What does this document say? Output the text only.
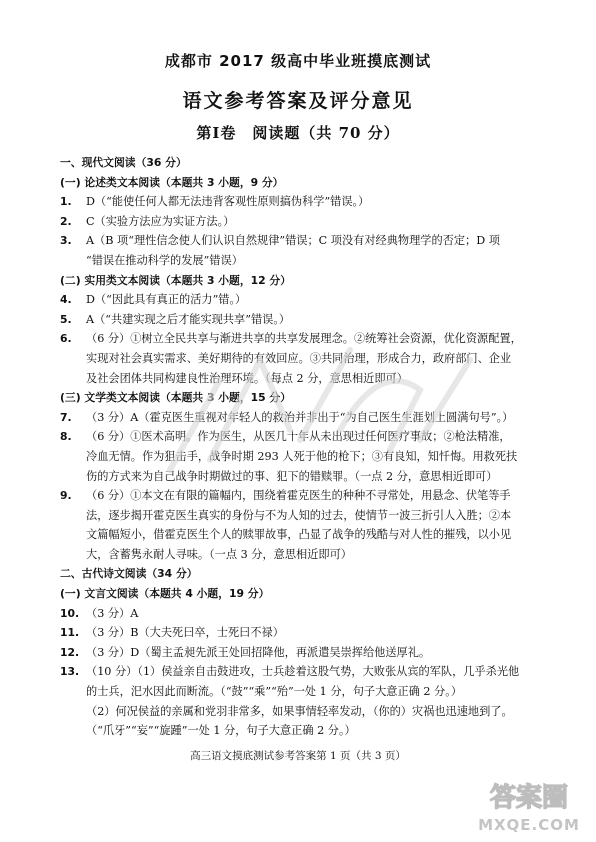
成都市 2017 级高中毕业班摸底测试
语文参考答案及评分意见
第Ⅰ卷　阅读题（共 70 分）
一、现代文阅读（36 分）
(一) 论述类文本阅读（本题共 3 小题，9 分）
1. D（“能使任何人都无法违背客观性原则搞伪科学”错误。）
2. C（实验方法应为实证方法。）
3. A（B 项“理性信念使人们认识自然规律”错误；C 项没有对经典物理学的否定；D 项
“错误在推动科学的发展”错误）
(二) 实用类文本阅读（本题共 3 小题，12 分）
4. D（“因此具有真正的活力”错。）
5. A（“共建实现之后才能实现共享”错误。）
6. （6 分）①树立全民共享与渐进共享的共享发展理念。②统筹社会资源，优化资源配置，
实现对社会真实需求、美好期待的有效回应。③共同治理，形成合力，政府部门、企业
及社会团体共同构建良性治理环境。（每点 2 分，意思相近即可）
(三) 文学类文本阅读（本题共 3 小题，15 分）
7. （3 分）A（霍克医生重视对年轻人的救治并非出于“为自己医生生涯划上圆满句号”。）
8. （6 分）①医术高明。作为医生，从医几十年从未出现过任何医疗事故；②枪法精准，
冷血无情。作为狙击手，战争时期 293 人死于他的枪下；③有良知，知忏悔。用救死扶
伤的方式来为自己战争时期做过的事、犯下的错赎罪。（一点 2 分，意思相近即可）
9. （6 分）①本文在有限的篇幅内，围绕着霍克医生的种种不寻常处，用悬念、伏笔等手
法，逐步揭开霍克医生真实的身份与不为人知的过去，使情节一波三折引人入胜；②本
文篇幅短小，借霍克医生个人的赎罪故事，凸显了战争的残酷与对人性的摧残，以小见
大，含蓄隽永耐人寻味。（一点 3 分，意思相近即可）
二、古代诗文阅读（34 分）
(一) 文言文阅读（本题共 4 小题，19 分）
10. （3 分）A
11. （3 分）B（大夫死曰卒，士死曰不禄）
12. （3 分）D（蜀主孟昶先派王处回招降他，再派遣吴崇挥给他送厚礼。
13. （10 分）（1）侯益亲自击鼓进攻，士兵趁着这股气势，大败张从宾的军队，几乎杀光他
的士兵，汜水因此而断流。（“鼓”“乘”“殆”一处 1 分，句子大意正确 2 分。）
（2）何况侯益的亲属和党羽非常多，如果事情轻率发动，（你的）灾祸也迅速地到了。
（“爪牙”“妄”“旋踵”一处 1 分，句子大意正确 2 分。）
高三语文摸底测试参考答案第 1 页（共 3 页）
答案圈
MXQE.COM
